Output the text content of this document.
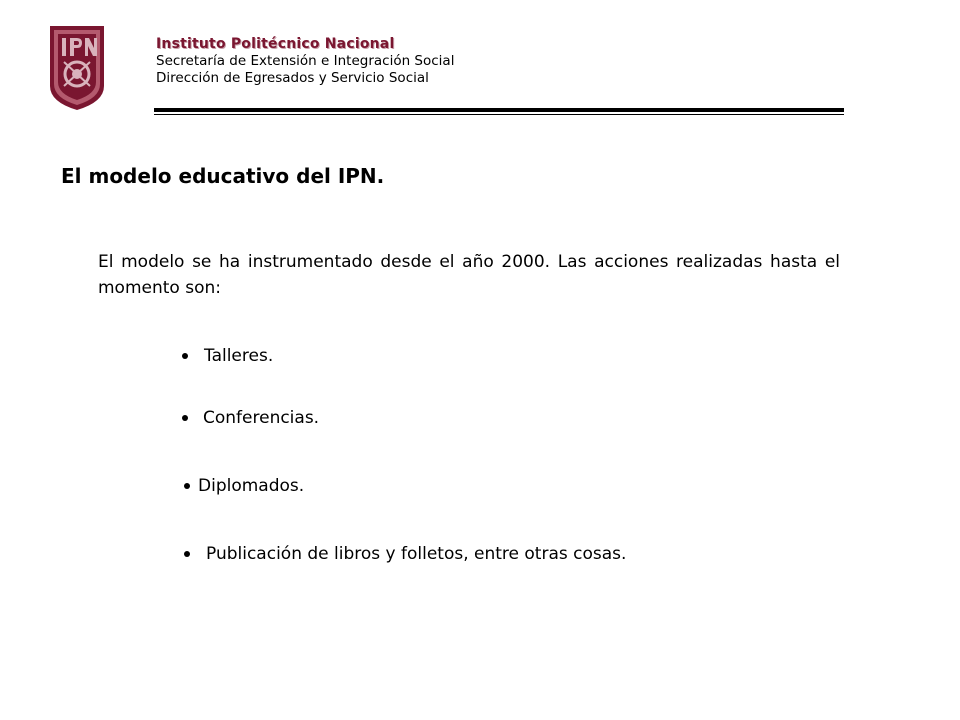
Instituto Politécnico Nacional
Secretaría de Extensión e Integración Social
Dirección de Egresados y Servicio Social
El modelo educativo del IPN.

El modelo se ha instrumentado desde el año 2000. Las acciones realizadas hasta el momento son:

Talleres.
Conferencias.
Diplomados.
Publicación de libros y folletos, entre otras cosas.
